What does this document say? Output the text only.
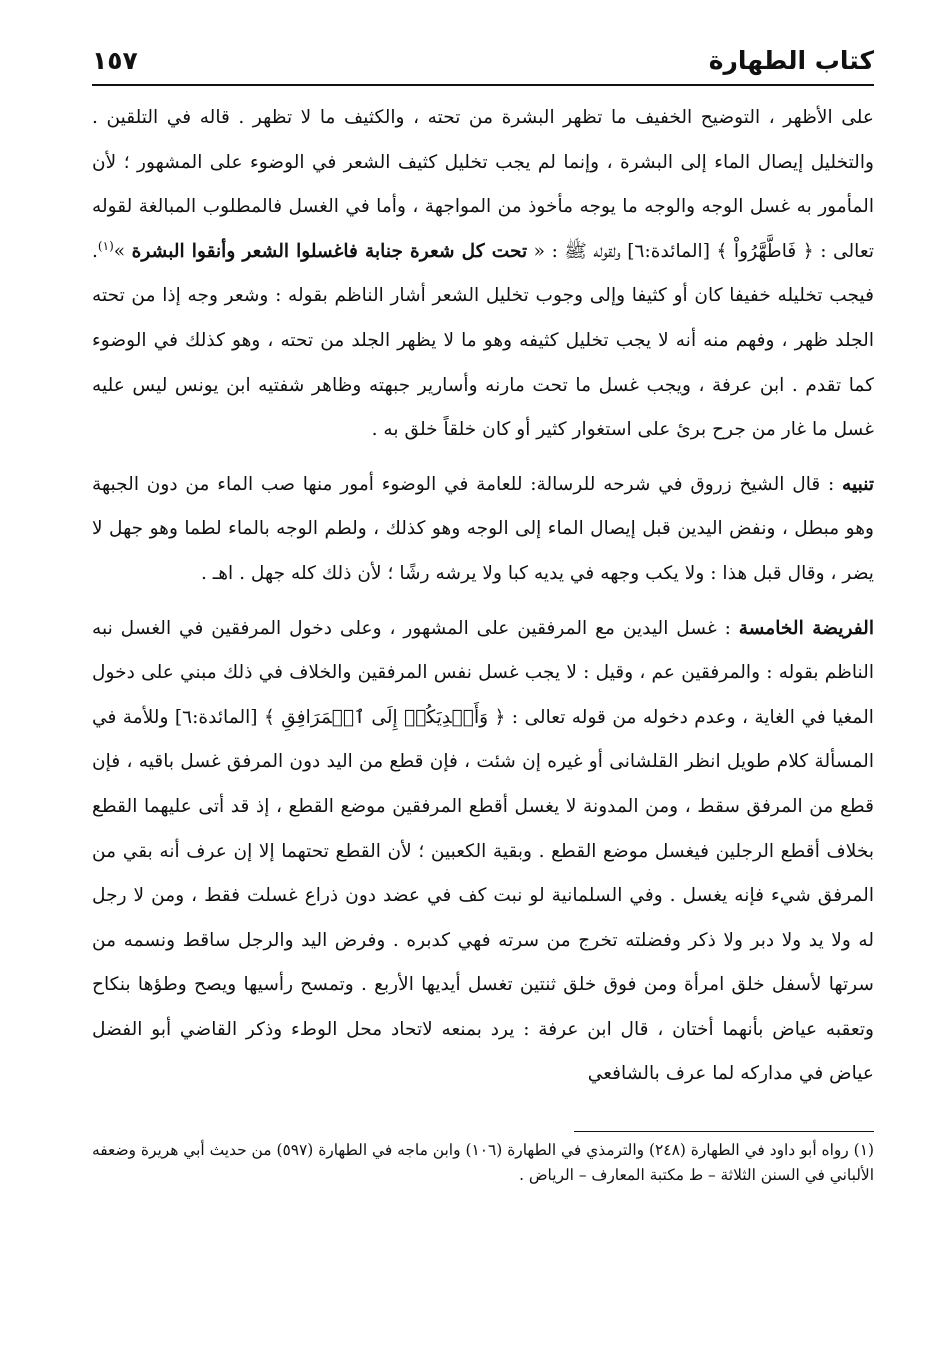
كتاب الطهارة
١٥٧

على الأظهر ، التوضيح الخفيف ما تظهر البشرة من تحته ، والكثيف ما لا تظهر . قاله في التلقين . والتخليل إيصال الماء إلى البشرة ، وإنما لم يجب تخليل كثيف الشعر في الوضوء على المشهور ؛ لأن المأمور به غسل الوجه والوجه ما يوجه مأخوذ من المواجهة ، وأما في الغسل فالمطلوب المبالغة لقوله تعالى : ﴿ فَاطَّهَّرُواْ ﴾ [المائدة:٦] ولقوله ﷺ : « تحت كل شعرة جنابة فاغسلوا الشعر وأنقوا البشرة »$^{(١)}$. فيجب تخليله خفيفا كان أو كثيفا وإلى وجوب تخليل الشعر أشار الناظم بقوله : وشعر وجه إذا من تحته الجلد ظهر ، وفهم منه أنه لا يجب تخليل كثيفه وهو ما لا يظهر الجلد من تحته ، وهو كذلك في الوضوء كما تقدم . ابن عرفة ، ويجب غسل ما تحت مارنه وأسارير جبهته وظاهر شفتيه ابن يونس ليس عليه غسل ما غار من جرح برئ على استغوار كثير أو كان خلقاً خلق به .

تنبيه : قال الشيخ زروق في شرحه للرسالة: للعامة في الوضوء أمور منها صب الماء من دون الجبهة وهو مبطل ، ونفض اليدين قبل إيصال الماء إلى الوجه وهو كذلك ، ولطم الوجه بالماء لطما وهو جهل لا يضر ، وقال قبل هذا : ولا يكب وجهه في يديه كبا ولا يرشه رشًا ؛ لأن ذلك كله جهل . اهـ .

الفريضة الخامسة : غسل اليدين مع المرفقين على المشهور ، وعلى دخول المرفقين في الغسل نبه الناظم بقوله : والمرفقين عم ، وقيل : لا يجب غسل نفس المرفقين والخلاف في ذلك مبني على دخول المغيا في الغاية ، وعدم دخوله من قوله تعالى : ﴿ وَأَيۡدِيَكُمۡ إِلَى ٱلۡمَرَافِقِ ﴾ [المائدة:٦] وللأمة في المسألة كلام طويل انظر القلشانى أو غيره إن شئت ، فإن قطع من اليد دون المرفق غسل باقيه ، فإن قطع من المرفق سقط ، ومن المدونة لا يغسل أقطع المرفقين موضع القطع ، إذ قد أتى عليهما القطع بخلاف أقطع الرجلين فيغسل موضع القطع . وبقية الكعبين ؛ لأن القطع تحتهما إلا إن عرف أنه بقي من المرفق شيء فإنه يغسل . وفي السلمانية لو نبت كف في عضد دون ذراع غسلت فقط ، ومن لا رجل له ولا يد ولا دبر ولا ذكر وفضلته تخرج من سرته فهي كدبره . وفرض اليد والرجل ساقط ونسمه من سرتها لأسفل خلق امرأة ومن فوق خلق ثنتين تغسل أيديها الأربع . وتمسح رأسيها ويصح وطؤها بنكاح وتعقبه عياض بأنهما أختان ، قال ابن عرفة : يرد بمنعه لاتحاد محل الوطء وذكر القاضي أبو الفضل عياض في مداركه لما عرف بالشافعي

(١) رواه أبو داود في الطهارة (٢٤٨) والترمذي في الطهارة (١٠٦) وابن ماجه في الطهارة (٥٩٧) من حديث أبي هريرة وضعفه الألباني في السنن الثلاثة – ط مكتبة المعارف – الرياض .
